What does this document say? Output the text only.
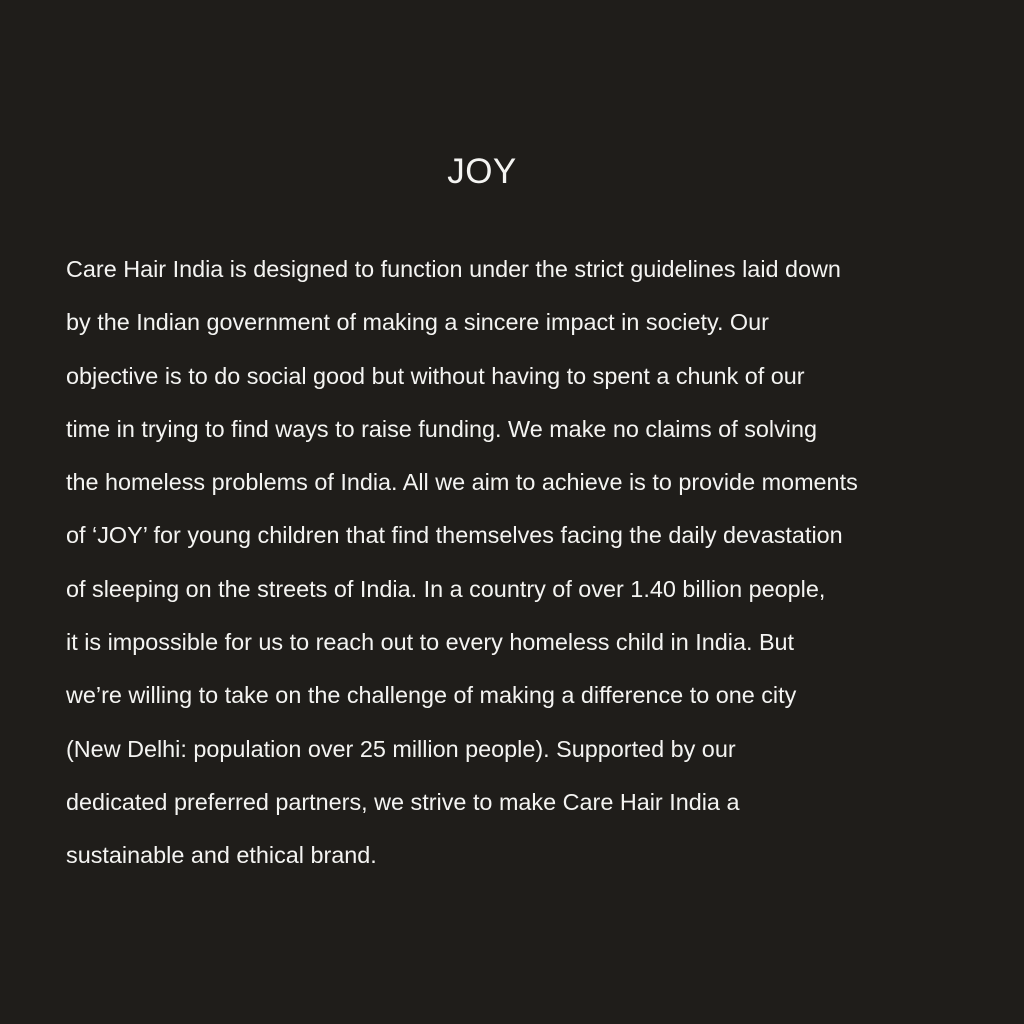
JOY
Care Hair India is designed to function under the strict guidelines laid down
by the Indian government of making a sincere impact in society. Our
objective is to do social good but without having to spent a chunk of our
time in trying to find ways to raise funding. We make no claims of solving
the homeless problems of India. All we aim to achieve is to provide moments
of ‘JOY’ for young children that find themselves facing the daily devastation
of sleeping on the streets of India. In a country of over 1.40 billion people,
it is impossible for us to reach out to every homeless child in India. But
we’re willing to take on the challenge of making a difference to one city
(New Delhi: population over 25 million people). Supported by our
dedicated preferred partners, we strive to make Care Hair India a
sustainable and ethical brand.
